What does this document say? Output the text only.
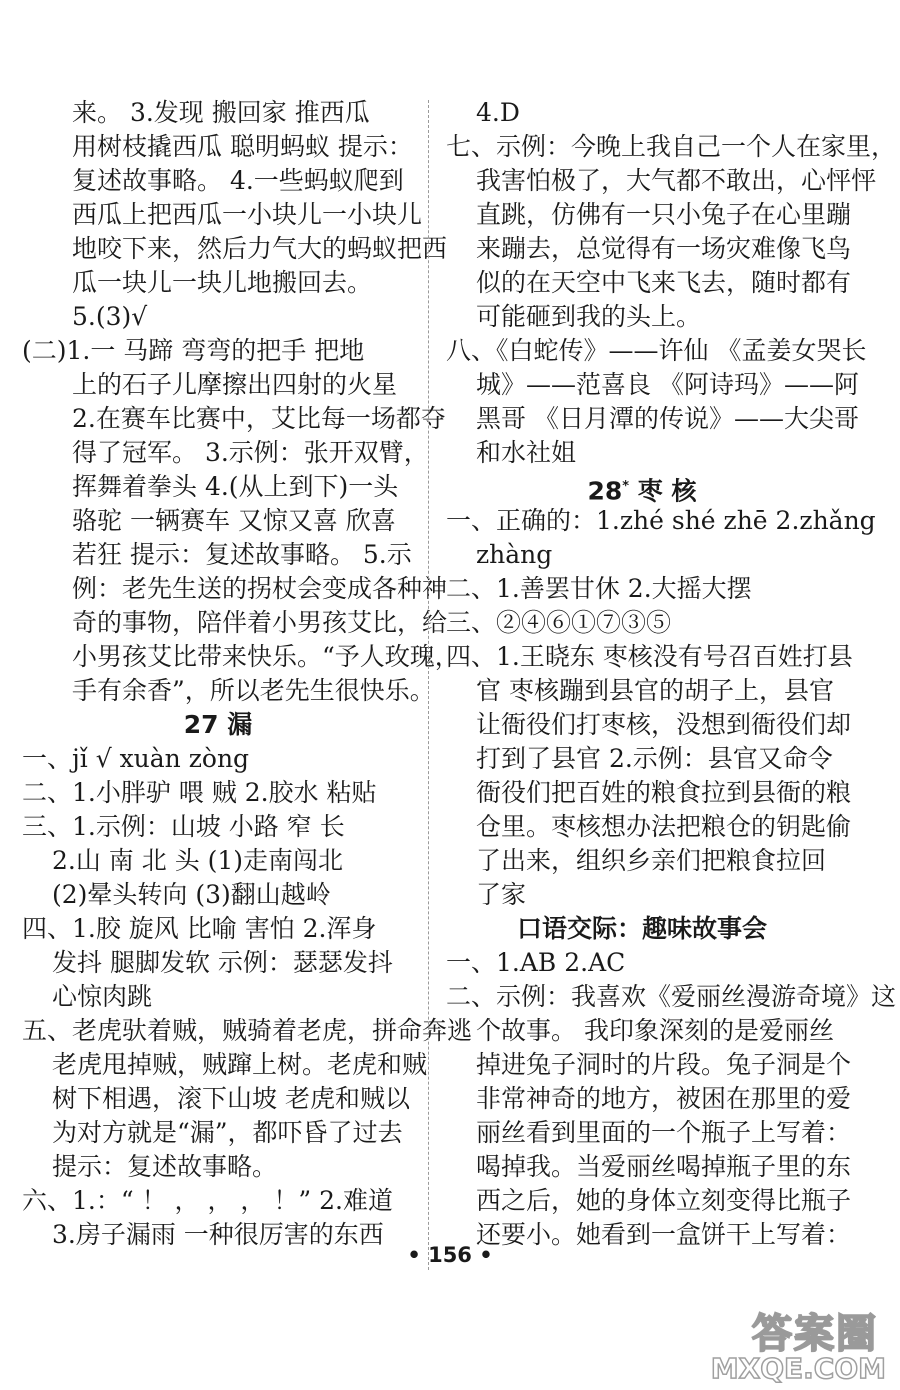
来。 3.发现 搬回家 推西瓜
用树枝撬西瓜 聪明蚂蚁 提示：
复述故事略。 4.一些蚂蚁爬到
西瓜上把西瓜一小块儿一小块儿
地咬下来，然后力气大的蚂蚁把西
瓜一块儿一块儿地搬回去。
5.(3)√
(二)1.一 马蹄 弯弯的把手 把地
上的石子儿摩擦出四射的火星
2.在赛车比赛中，艾比每一场都夺
得了冠军。 3.示例：张开双臂，
挥舞着拳头 4.(从上到下)一头
骆驼 一辆赛车 又惊又喜 欣喜
若狂 提示：复述故事略。 5.示
例：老先生送的拐杖会变成各种神
奇的事物，陪伴着小男孩艾比，给
小男孩艾比带来快乐。“予人玫瑰，
手有余香”，所以老先生很快乐。
27 漏
一、jǐ √ xuàn zòng
二、1.小胖驴 喂 贼 2.胶水 粘贴
三、1.示例：山坡 小路 窄 长
2.山 南 北 头 (1)走南闯北
(2)晕头转向 (3)翻山越岭
四、1.胶 旋风 比喻 害怕 2.浑身
发抖 腿脚发软 示例：瑟瑟发抖
心惊肉跳
五、老虎驮着贼，贼骑着老虎，拼命奔逃
老虎甩掉贼，贼蹿上树。老虎和贼
树下相遇，滚下山坡 老虎和贼以
为对方就是“漏”，都吓昏了过去
提示：复述故事略。
六、1.：“ ！ ， ， ， ！” 2.难道
3.房子漏雨 一种很厉害的东西
4.D
七、示例：今晚上我自己一个人在家里，
我害怕极了，大气都不敢出，心怦怦
直跳，仿佛有一只小兔子在心里蹦
来蹦去，总觉得有一场灾难像飞鸟
似的在天空中飞来飞去，随时都有
可能砸到我的头上。
八、《白蛇传》——许仙 《孟姜女哭长
城》——范喜良 《阿诗玛》——阿
黑哥 《日月潭的传说》——大尖哥
和水社姐
28* 枣 核
一、正确的：1.zhé shé zhē 2.zhǎng
zhàng
二、1.善罢甘休 2.大摇大摆
三、②④⑥①⑦③⑤
四、1.王晓东 枣核没有号召百姓打县
官 枣核蹦到县官的胡子上，县官
让衙役们打枣核，没想到衙役们却
打到了县官 2.示例：县官又命令
衙役们把百姓的粮食拉到县衙的粮
仓里。枣核想办法把粮仓的钥匙偷
了出来，组织乡亲们把粮食拉回
了家
口语交际：趣味故事会
一、1.AB 2.AC
二、示例：我喜欢《爱丽丝漫游奇境》这
个故事。 我印象深刻的是爱丽丝
掉进兔子洞时的片段。兔子洞是个
非常神奇的地方，被困在那里的爱
丽丝看到里面的一个瓶子上写着：
喝掉我。当爱丽丝喝掉瓶子里的东
西之后，她的身体立刻变得比瓶子
还要小。她看到一盒饼干上写着：
• 156 •
答案圈
MXQE.COM
